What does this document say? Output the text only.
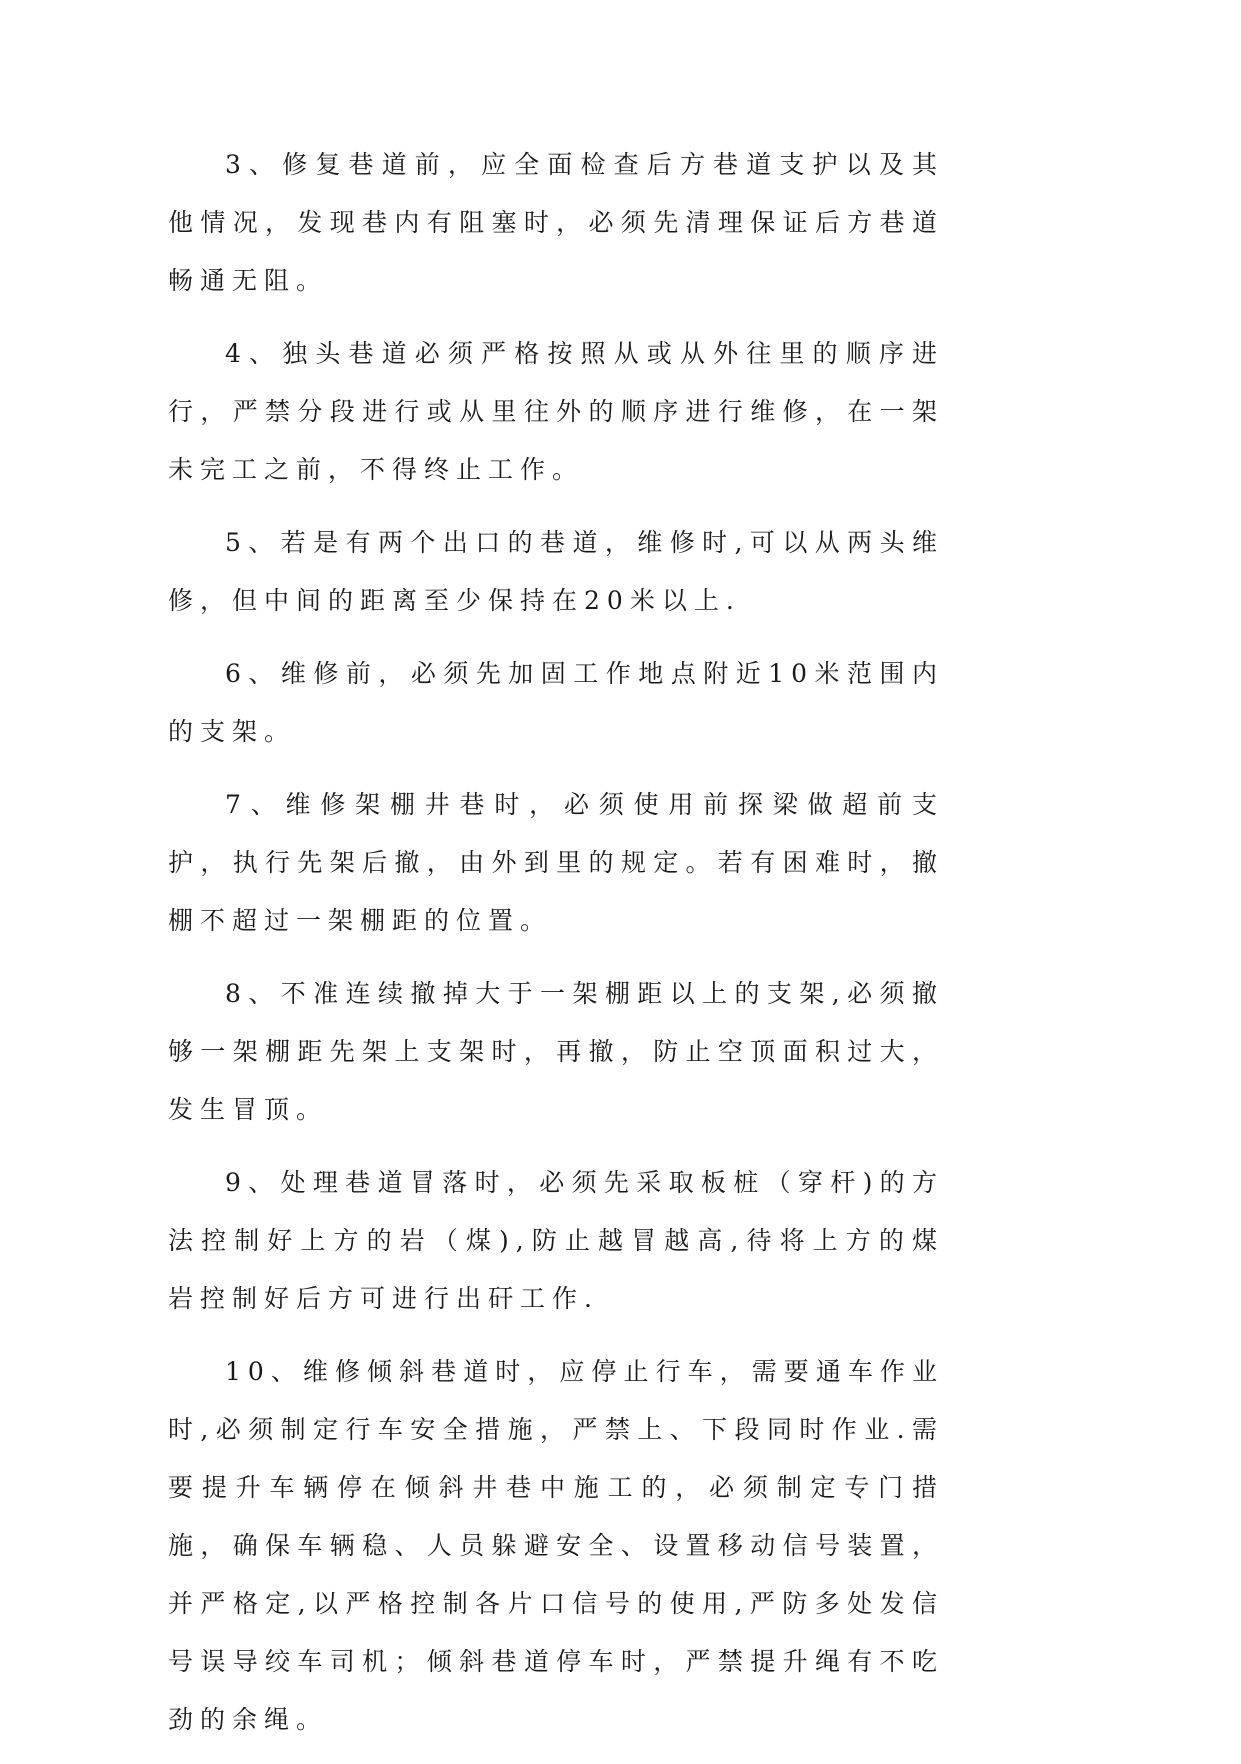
3、修复巷道前，应全面检查后方巷道支护以及其他情况，发现巷内有阻塞时，必须先清理保证后方巷道畅通无阻。

4、独头巷道必须严格按照从或从外往里的顺序进行，严禁分段进行或从里往外的顺序进行维修，在一架未完工之前，不得终止工作。

5、若是有两个出口的巷道，维修时,可以从两头维修，但中间的距离至少保持在20米以上.

6、维修前，必须先加固工作地点附近10米范围内的支架。

7、维修架棚井巷时，必须使用前探梁做超前支护，执行先架后撤，由外到里的规定。若有困难时，撤棚不超过一架棚距的位置。

8、不准连续撤掉大于一架棚距以上的支架,必须撤够一架棚距先架上支架时，再撤，防止空顶面积过大，发生冒顶。

9、处理巷道冒落时，必须先采取板桩（穿杆)的方法控制好上方的岩（煤),防止越冒越高,待将上方的煤岩控制好后方可进行出矸工作.

10、维修倾斜巷道时，应停止行车，需要通车作业时,必须制定行车安全措施，严禁上、下段同时作业.需要提升车辆停在倾斜井巷中施工的，必须制定专门措施，确保车辆稳、人员躲避安全、设置移动信号装置，并严格定,以严格控制各片口信号的使用,严防多处发信号误导绞车司机；倾斜巷道停车时，严禁提升绳有不吃劲的余绳。
